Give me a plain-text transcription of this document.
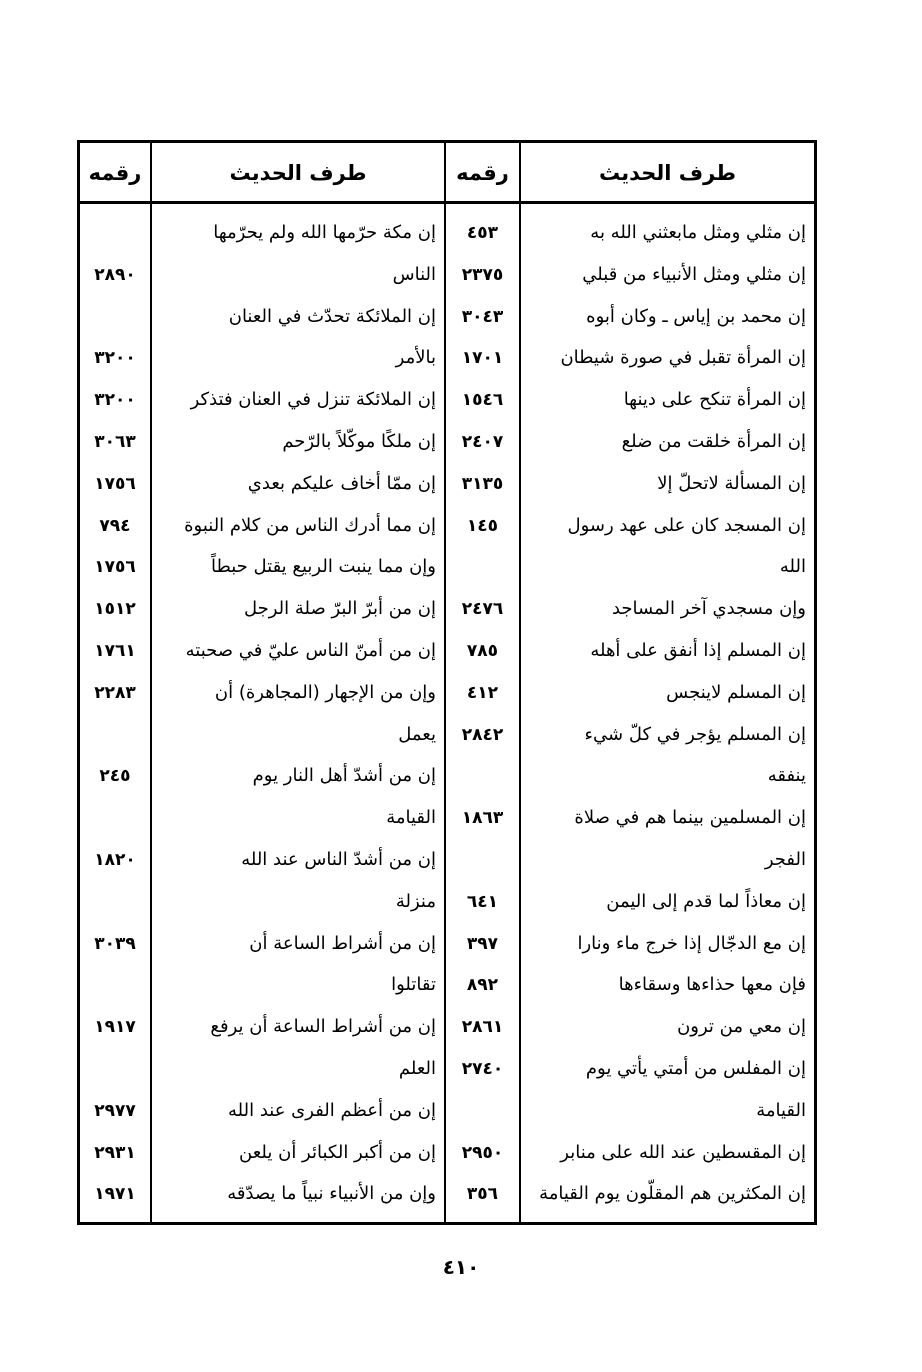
طرف الحديث
رقمه
طرف الحديث
رقمه
إن مثلي ومثل مابعثني الله به
٤٥٣
إن مثلي ومثل الأنبياء من قبلي
٢٣٧٥
إن محمد بن إياس ـ وكان أبوه
٣٠٤٣
إن المرأة تقبل في صورة شيطان
١٧٠١
إن المرأة تنكح على دينها
١٥٤٦
إن المرأة خلقت من ضلع
٢٤٠٧
إن المسألة لاتحلّ إلا
٣١٣٥
إن المسجد كان على عهد رسول
١٤٥
الله
وإن مسجدي آخر المساجد
٢٤٧٦
إن المسلم إذا أنفق على أهله
٧٨٥
إن المسلم لاينجس
٤١٢
إن المسلم يؤجر في كلّ شيء
٢٨٤٢
ينفقه
إن المسلمين بينما هم في صلاة
١٨٦٣
الفجر
إن معاذاً لما قدم إلى اليمن
٦٤١
إن مع الدجّال إذا خرج ماء ونارا
٣٩٧
فإن معها حذاءها وسقاءها
٨٩٢
إن معي من ترون
٢٨٦١
إن المفلس من أمتي يأتي يوم
٢٧٤٠
القيامة
إن المقسطين عند الله على منابر
٢٩٥٠
إن المكثرين هم المقلّون يوم القيامة
٣٥٦
إن مكة حرّمها الله ولم يحرّمها
الناس
٢٨٩٠
إن الملائكة تحدّث في العنان
بالأمر
٣٢٠٠
إن الملائكة تنزل في العنان فتذكر
٣٢٠٠
إن ملكًا موكّلاً بالرّحم
٣٠٦٣
إن ممّا أخاف عليكم بعدي
١٧٥٦
إن مما أدرك الناس من كلام النبوة
٧٩٤
وإن مما ينبت الربيع يقتل حبطاً
١٧٥٦
إن من أبرّ البرّ صلة الرجل
١٥١٢
إن من أمنّ الناس عليّ في صحبته
١٧٦١
وإن من الإجهار (المجاهرة) أن
٢٢٨٣
يعمل
إن من أشدّ أهل النار يوم
٢٤٥
القيامة
إن من أشدّ الناس عند الله
١٨٢٠
منزلة
إن من أشراط الساعة أن
٣٠٣٩
تقاتلوا
إن من أشراط الساعة أن يرفع
١٩١٧
العلم
إن من أعظم الفرى عند الله
٢٩٧٧
إن من أكبر الكبائر أن يلعن
٢٩٣١
وإن من الأنبياء نبياً ما يصدّقه
١٩٧١
٤١٠
